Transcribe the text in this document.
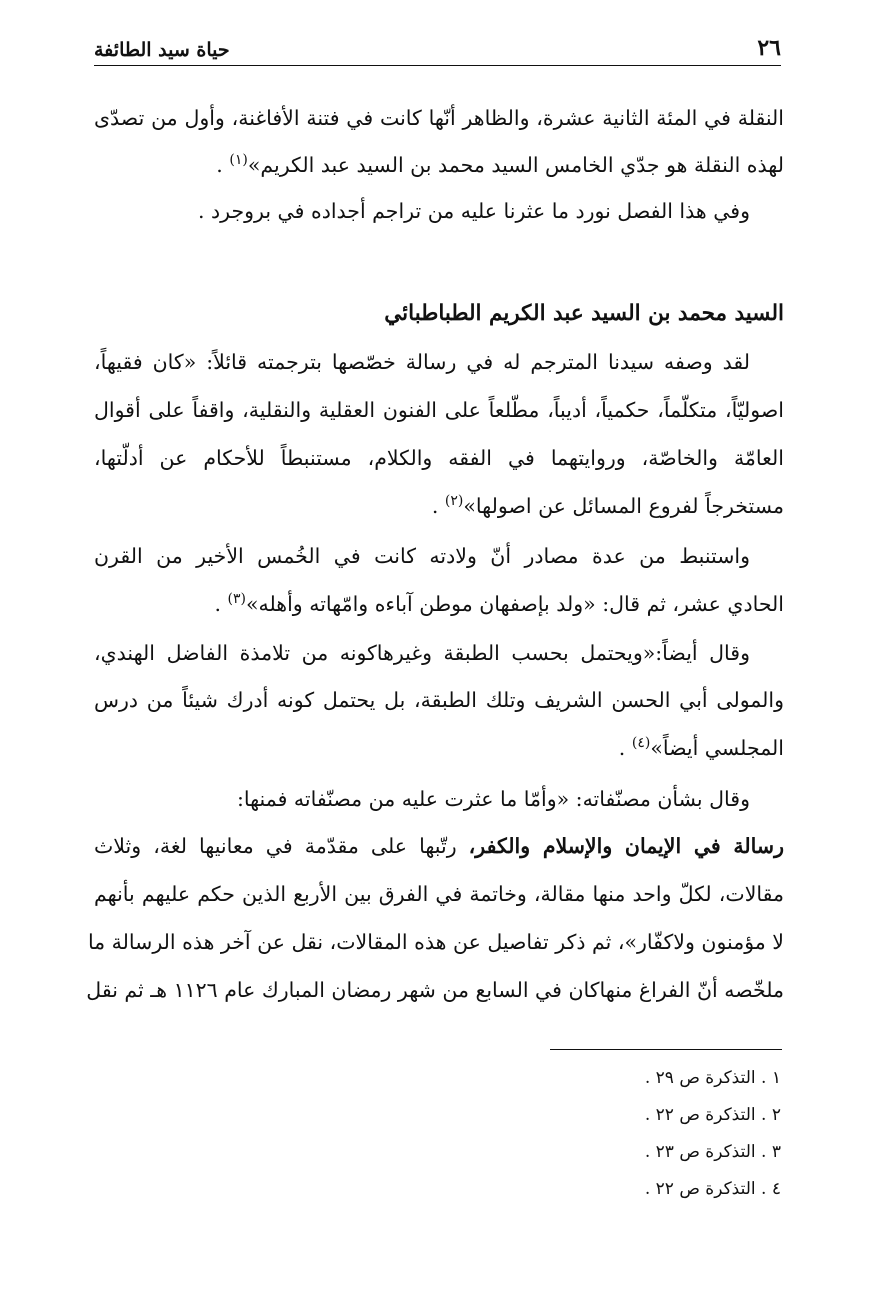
٢٦
حياة سيد الطائفة
النقلة في المئة الثانية عشرة، والظاهر أنّها كانت في فتنة الأفاغنة، وأول من تصدّى
لهذه النقلة هو جدّي الخامس السيد محمد بن السيد عبد الكريم»$^{(١)}$ .
وفي هذا الفصل نورد ما عثرنا عليه من تراجم أجداده في بروجرد .
السيد محمد بن السيد عبد الكريم الطباطبائي
لقد وصفه سيدنا المترجم له في رسالة خصّصها بترجمته قائلاً: «كان فقيهاً،
اصوليّاً، متكلّماً، حكمياً، أديباً، مطّلعاً على الفنون العقلية والنقلية، واقفاً على أقوال
العامّة والخاصّة، وروايتهما في الفقه والكلام، مستنبطاً للأحكام عن أدلّتها،
مستخرجاً لفروع المسائل عن اصولها»$^{(٢)}$ .
واستنبط من عدة مصادر أنّ ولادته كانت في الخُمس الأخير من القرن
الحادي عشر، ثم قال: «ولد بإصفهان موطن آباءه وامّهاته وأهله»$^{(٣)}$ .
وقال أيضاً:«ويحتمل بحسب الطبقة وغيرهاكونه من تلامذة الفاضل الهندي،
والمولى أبي الحسن الشريف وتلك الطبقة، بل يحتمل كونه أدرك شيئاً من درس
المجلسي أيضاً»$^{(٤)}$ .
وقال بشأن مصنّفاته: «وأمّا ما عثرت عليه من مصنّفاته فمنها:
رسالة في الإيمان والإسلام والكفر، رتّبها على مقدّمة في معانيها لغة، وثلاث
مقالات، لكلّ واحد منها مقالة، وخاتمة في الفرق بين الأربع الذين حكم عليهم بأنهم
لا مؤمنون ولاكفّار»، ثم ذكر تفاصيل عن هذه المقالات، نقل عن آخر هذه الرسالة ما
ملخّصه أنّ الفراغ منهاكان في السابع من شهر رمضان المبارك عام ١١٢٦ هـ ثم نقل
١ . التذكرة ص ٢٩ .
٢ . التذكرة ص ٢٢ .
٣ . التذكرة ص ٢٣ .
٤ . التذكرة ص ٢٢ .
